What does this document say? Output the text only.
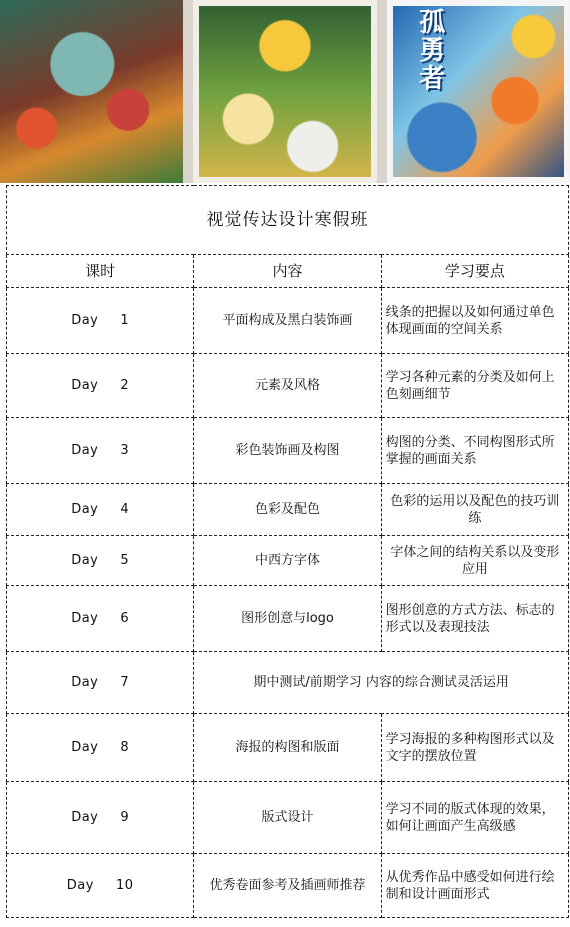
孤勇者
视觉传达设计寒假班		
课时	内容	学习要点
Day 1	平面构成及黑白装饰画	线条的把握以及如何通过单色体现画面的空间关系
Day 2	元素及风格	学习各种元素的分类及如何上色刻画细节
Day 3	彩色装饰画及构图	构图的分类、不同构图形式所掌握的画面关系
Day 4	色彩及配色	色彩的运用以及配色的技巧训练
Day 5	中西方字体	字体之间的结构关系以及变形应用
Day 6	图形创意与logo	图形创意的方式方法、标志的形式以及表现技法
Day 7	期中测试/前期学习 内容的综合测试灵活运用	
Day 8	海报的构图和版面	学习海报的多种构图形式以及文字的摆放位置
Day 9	版式设计	学习不同的版式体现的效果，如何让画面产生高级感
Day 10	优秀卷面参考及插画师推荐	从优秀作品中感受如何进行绘制和设计画面形式
